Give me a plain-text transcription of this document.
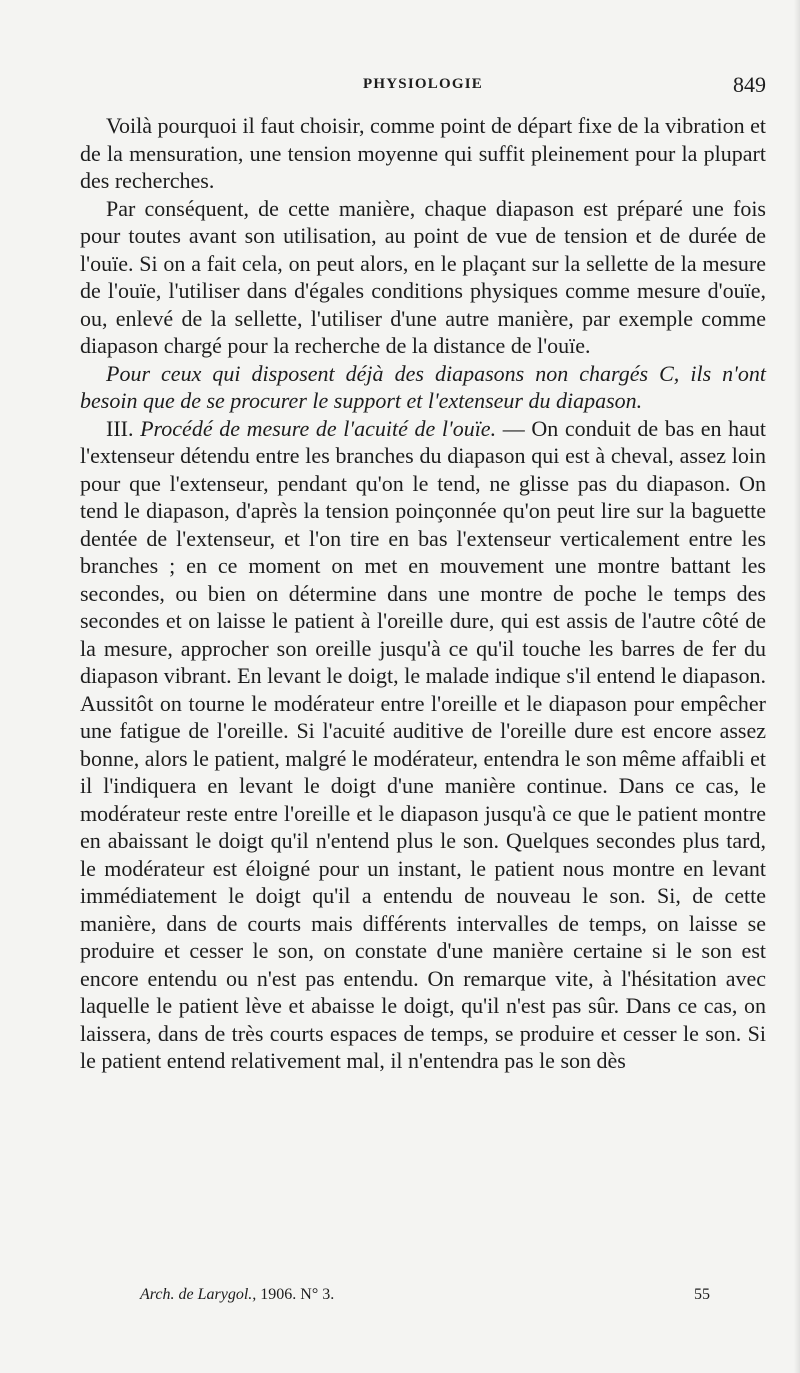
PHYSIOLOGIE	849

Voilà pourquoi il faut choisir, comme point de départ fixe de la vibration et de la mensuration, une tension moyenne qui suffit pleinement pour la plupart des recherches.

Par conséquent, de cette manière, chaque diapason est préparé une fois pour toutes avant son utilisation, au point de vue de tension et de durée de l'ouïe. Si on a fait cela, on peut alors, en le plaçant sur la sellette de la mesure de l'ouïe, l'utiliser dans d'égales conditions physiques comme mesure d'ouïe, ou, enlevé de la sellette, l'utiliser d'une autre manière, par exemple comme diapason chargé pour la recherche de la distance de l'ouïe.

Pour ceux qui disposent déjà des diapasons non chargés C, ils n'ont besoin que de se procurer le support et l'extenseur du diapason.

III. Procédé de mesure de l'acuité de l'ouïe. — On conduit de bas en haut l'extenseur détendu entre les branches du diapason qui est à cheval, assez loin pour que l'extenseur, pendant qu'on le tend, ne glisse pas du diapason. On tend le diapason, d'après la tension poinçonnée qu'on peut lire sur la baguette dentée de l'extenseur, et l'on tire en bas l'extenseur verticalement entre les branches ; en ce moment on met en mouvement une montre battant les secondes, ou bien on détermine dans une montre de poche le temps des secondes et on laisse le patient à l'oreille dure, qui est assis de l'autre côté de la mesure, approcher son oreille jusqu'à ce qu'il touche les barres de fer du diapason vibrant. En levant le doigt, le malade indique s'il entend le diapason. Aussitôt on tourne le modérateur entre l'oreille et le diapason pour empêcher une fatigue de l'oreille. Si l'acuité auditive de l'oreille dure est encore assez bonne, alors le patient, malgré le modérateur, entendra le son même affaibli et il l'indiquera en levant le doigt d'une manière continue. Dans ce cas, le modérateur reste entre l'oreille et le diapason jusqu'à ce que le patient montre en abaissant le doigt qu'il n'entend plus le son. Quelques secondes plus tard, le modérateur est éloigné pour un instant, le patient nous montre en levant immédiatement le doigt qu'il a entendu de nouveau le son. Si, de cette manière, dans de courts mais différents intervalles de temps, on laisse se produire et cesser le son, on constate d'une manière certaine si le son est encore entendu ou n'est pas entendu. On remarque vite, à l'hésitation avec laquelle le patient lève et abaisse le doigt, qu'il n'est pas sûr. Dans ce cas, on laissera, dans de très courts espaces de temps, se produire et cesser le son. Si le patient entend relativement mal, il n'entendra pas le son dès

Arch. de Larygol., 1906. N° 3.	55
